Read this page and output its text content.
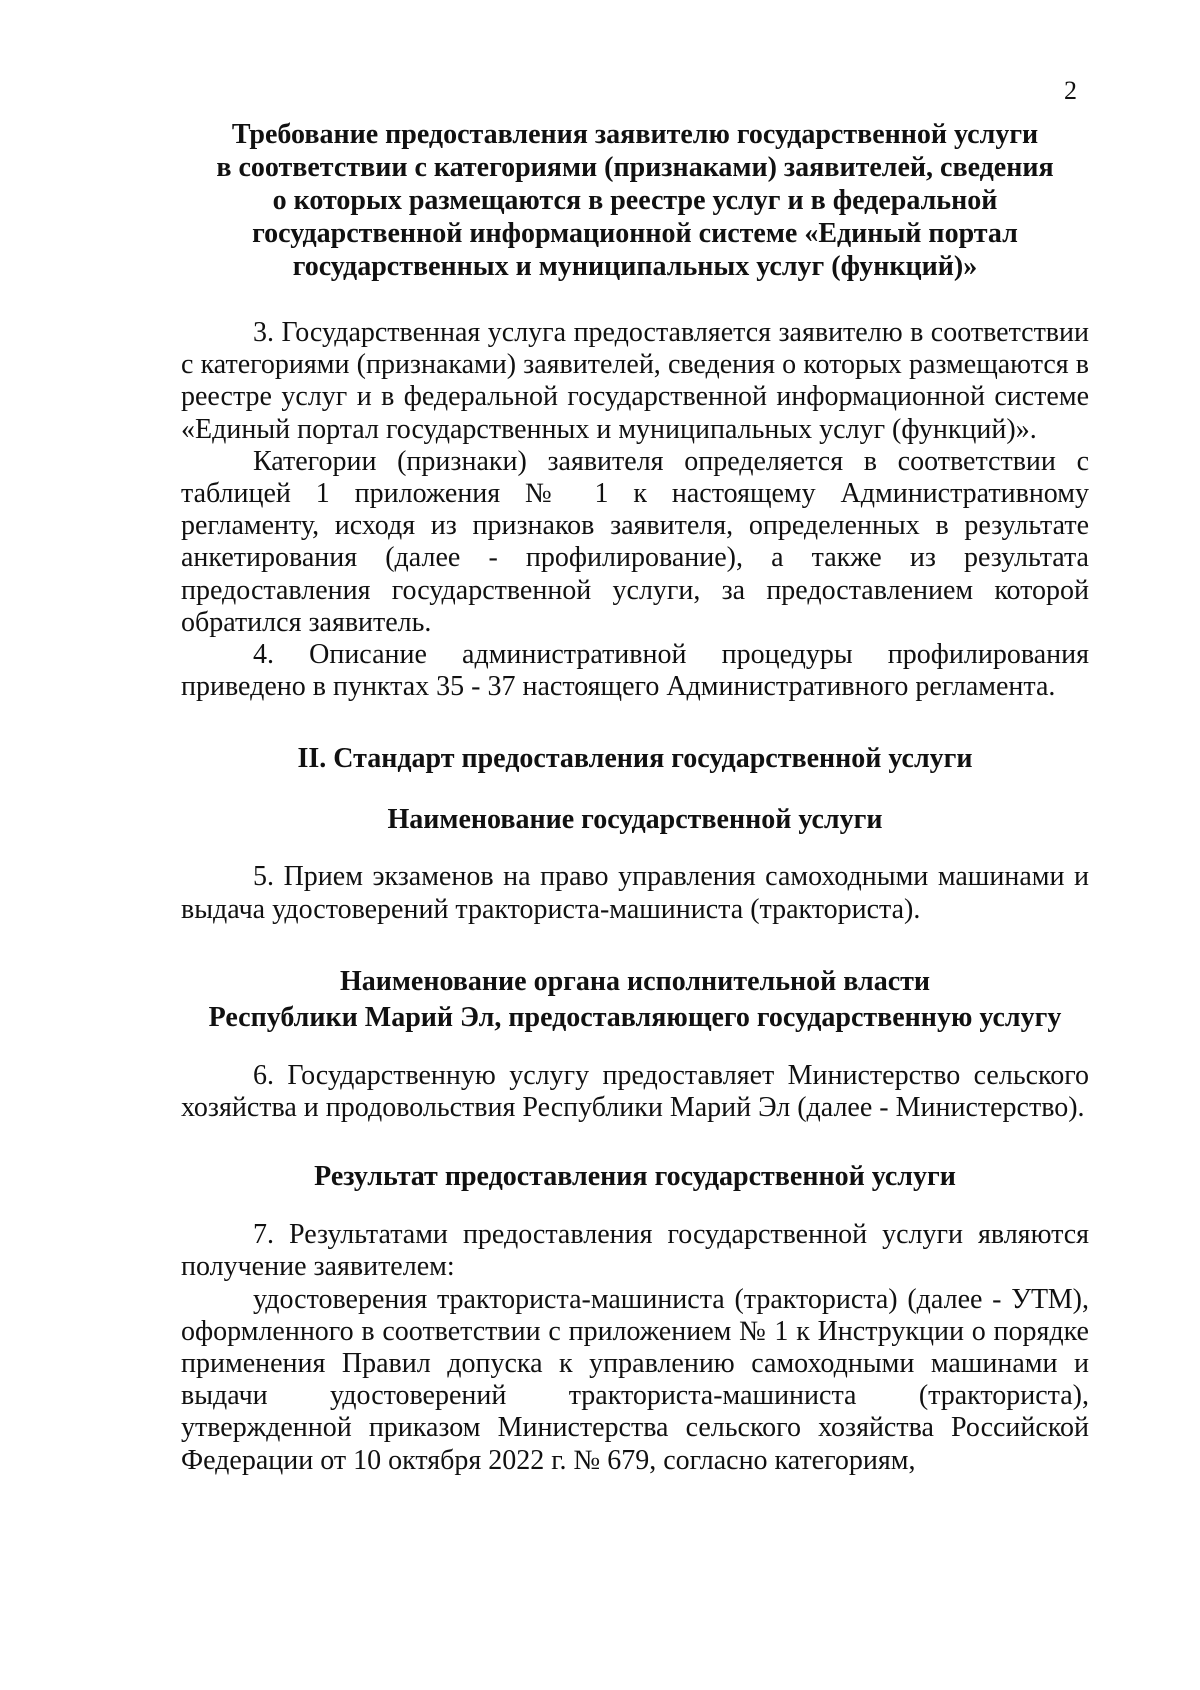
2
Требование предоставления заявителю государственной услуги
в соответствии с категориями (признаками) заявителей, сведения
о которых размещаются в реестре услуг и в федеральной
государственной информационной системе «Единый портал
государственных и муниципальных услуг (функций)»

3. Государственная услуга предоставляется заявителю в соответствии с категориями (признаками) заявителей, сведения о которых размещаются в реестре услуг и в федеральной государственной информационной системе «Единый портал государственных и муниципальных услуг (функций)».

Категории (признаки) заявителя определяется в соответствии с таблицей 1 приложения № 1 к настоящему Административному регламенту, исходя из признаков заявителя, определенных в результате анкетирования (далее - профилирование), а также из результата предоставления государственной услуги, за предоставлением которой обратился заявитель.

4. Описание административной процедуры профилирования приведено в пунктах 35 - 37 настоящего Административного регламента.

II. Стандарт предоставления государственной услуги
Наименование государственной услуги

5. Прием экзаменов на право управления самоходными машинами и выдача удостоверений тракториста-машиниста (тракториста).

Наименование органа исполнительной власти
Республики Марий Эл, предоставляющего государственную услугу

6. Государственную услугу предоставляет Министерство сельского хозяйства и продовольствия Республики Марий Эл (далее - Министерство).

Результат предоставления государственной услуги

7. Результатами предоставления государственной услуги являются получение заявителем:

удостоверения тракториста-машиниста (тракториста) (далее - УТМ), оформленного в соответствии с приложением № 1 к Инструкции о порядке применения Правил допуска к управлению самоходными машинами и выдачи удостоверений тракториста-машиниста (тракториста), утвержденной приказом Министерства сельского хозяйства Российской Федерации от 10 октября 2022 г. № 679, согласно категориям,
